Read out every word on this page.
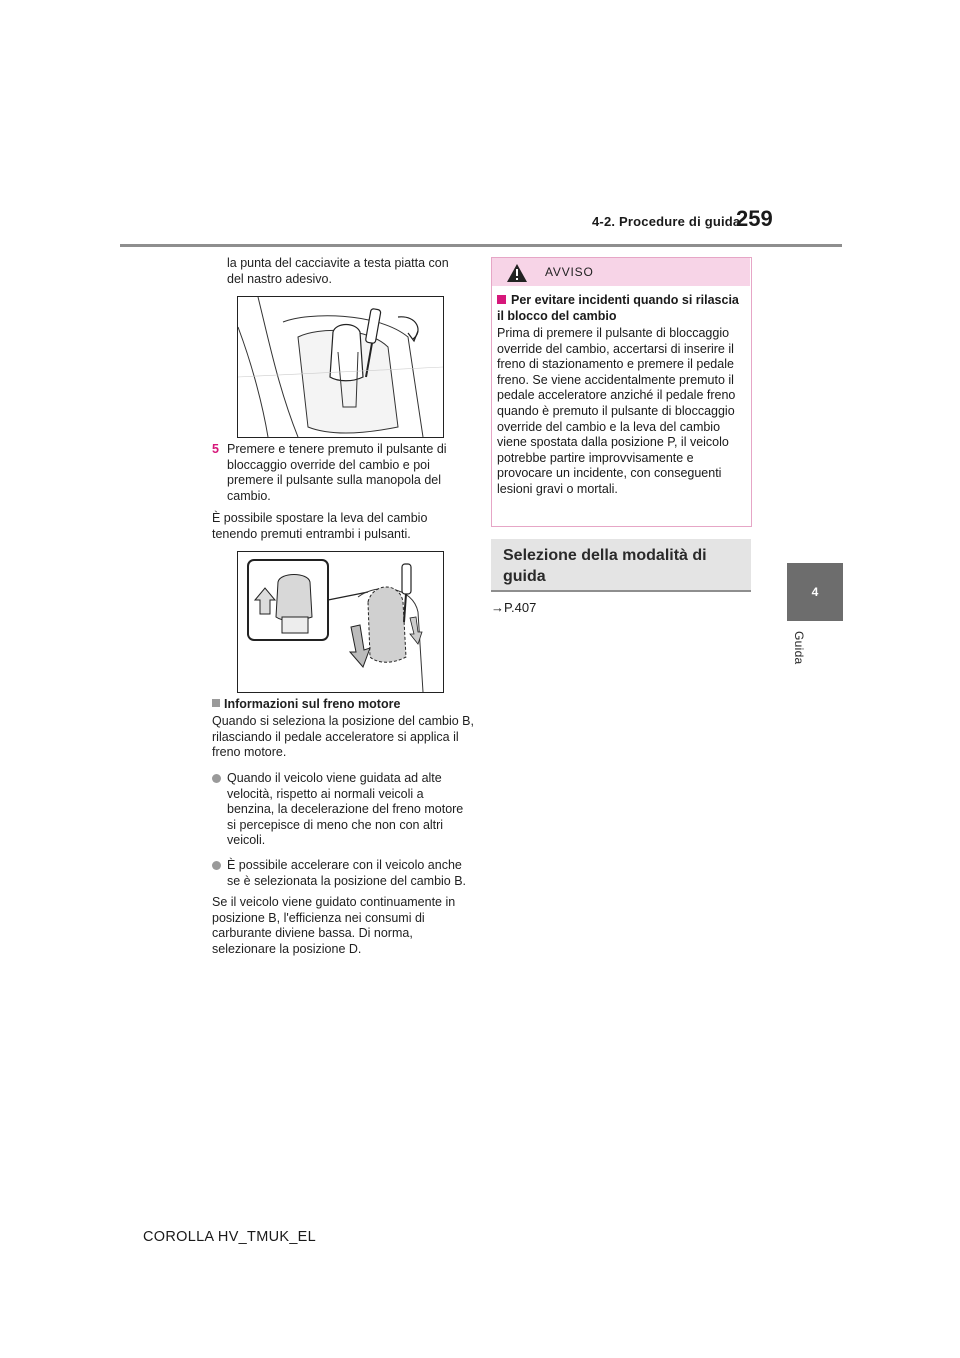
4-2. Procedure di guida
259
4
Guida
la punta del cacciavite a testa piatta con del nastro adesivo.
5 Premere e tenere premuto il pulsante di bloccaggio override del cambio e poi premere il pulsante sulla manopola del cambio.
È possibile spostare la leva del cambio tenendo premuti entrambi i pulsanti.
Informazioni sul freno motore
Quando si seleziona la posizione del cambio B, rilasciando il pedale acceleratore si applica il freno motore.
Quando il veicolo viene guidata ad alte velocità, rispetto ai normali veicoli a benzina, la decelerazione del freno motore si percepisce di meno che non con altri veicoli.
È possibile accelerare con il veicolo anche se è selezionata la posizione del cambio B.
Se il veicolo viene guidato continuamente in posizione B, l'efficienza nei consumi di carburante diviene bassa. Di norma, selezionare la posizione D.
AVVISO
Per evitare incidenti quando si rilascia il blocco del cambio
Prima di premere il pulsante di bloccaggio override del cambio, accertarsi di inserire il freno di stazionamento e premere il pedale freno. Se viene accidentalmente premuto il pedale acceleratore anziché il pedale freno quando è premuto il pulsante di bloccaggio override del cambio e la leva del cambio viene spostata dalla posizione P, il veicolo potrebbe partire improvvisamente e provocare un incidente, con conseguenti lesioni gravi o mortali.
Selezione della modalità di guida
→P.407
COROLLA HV_TMUK_EL
